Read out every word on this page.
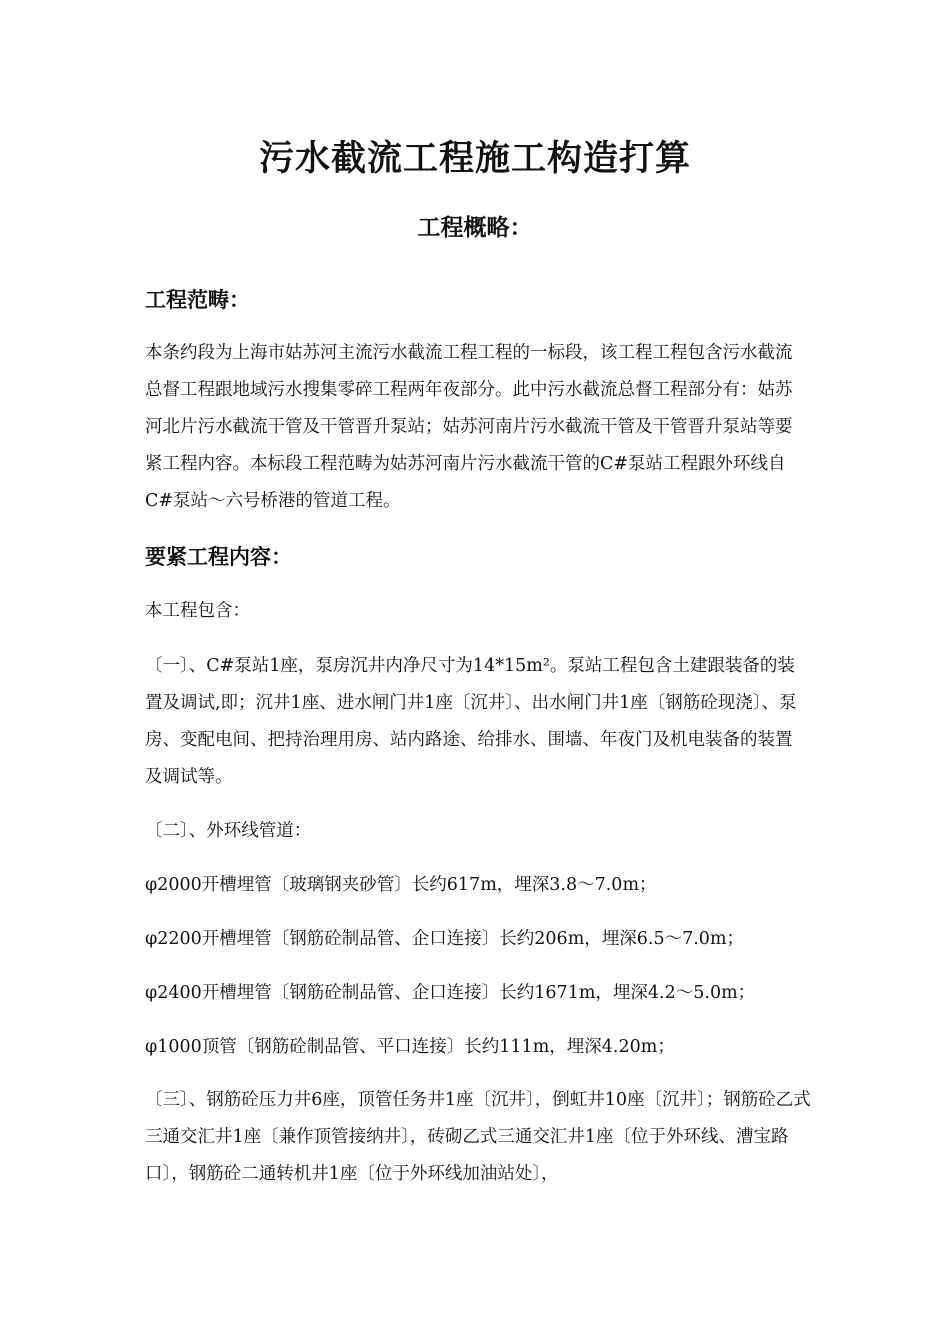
污水截流工程施工构造打算
工程概略：
工程范畴：
本条约段为上海市姑苏河主流污水截流工程工程的一标段，该工程工程包含污水截流总督工程跟地域污水搜集零碎工程两年夜部分。此中污水截流总督工程部分有：姑苏河北片污水截流干管及干管晋升泵站；姑苏河南片污水截流干管及干管晋升泵站等要紧工程内容。本标段工程范畴为姑苏河南片污水截流干管的C#泵站工程跟外环线自C#泵站～六号桥港的管道工程。
要紧工程内容：
本工程包含：
〔一〕、C#泵站1座，泵房沉井内净尺寸为14*15m²。泵站工程包含土建跟装备的装置及调试,即；沉井1座、进水闸门井1座〔沉井〕、出水闸门井1座〔钢筋砼现浇〕、泵房、变配电间、把持治理用房、站内路途、给排水、围墙、年夜门及机电装备的装置及调试等。
〔二〕、外环线管道：
φ2000开槽埋管〔玻璃钢夹砂管〕长约617m，埋深3.8～7.0m；
φ2200开槽埋管〔钢筋砼制品管、企口连接〕长约206m，埋深6.5～7.0m；
φ2400开槽埋管〔钢筋砼制品管、企口连接〕长约1671m，埋深4.2～5.0m；
φ1000顶管〔钢筋砼制品管、平口连接〕长约111m，埋深4.20m；
〔三〕、钢筋砼压力井6座，顶管任务井1座〔沉井〕，倒虹井10座〔沉井〕；钢筋砼乙式三通交汇井1座〔兼作顶管接纳井〕，砖砌乙式三通交汇井1座〔位于外环线、漕宝路口〕，钢筋砼二通转机井1座〔位于外环线加油站处〕，
